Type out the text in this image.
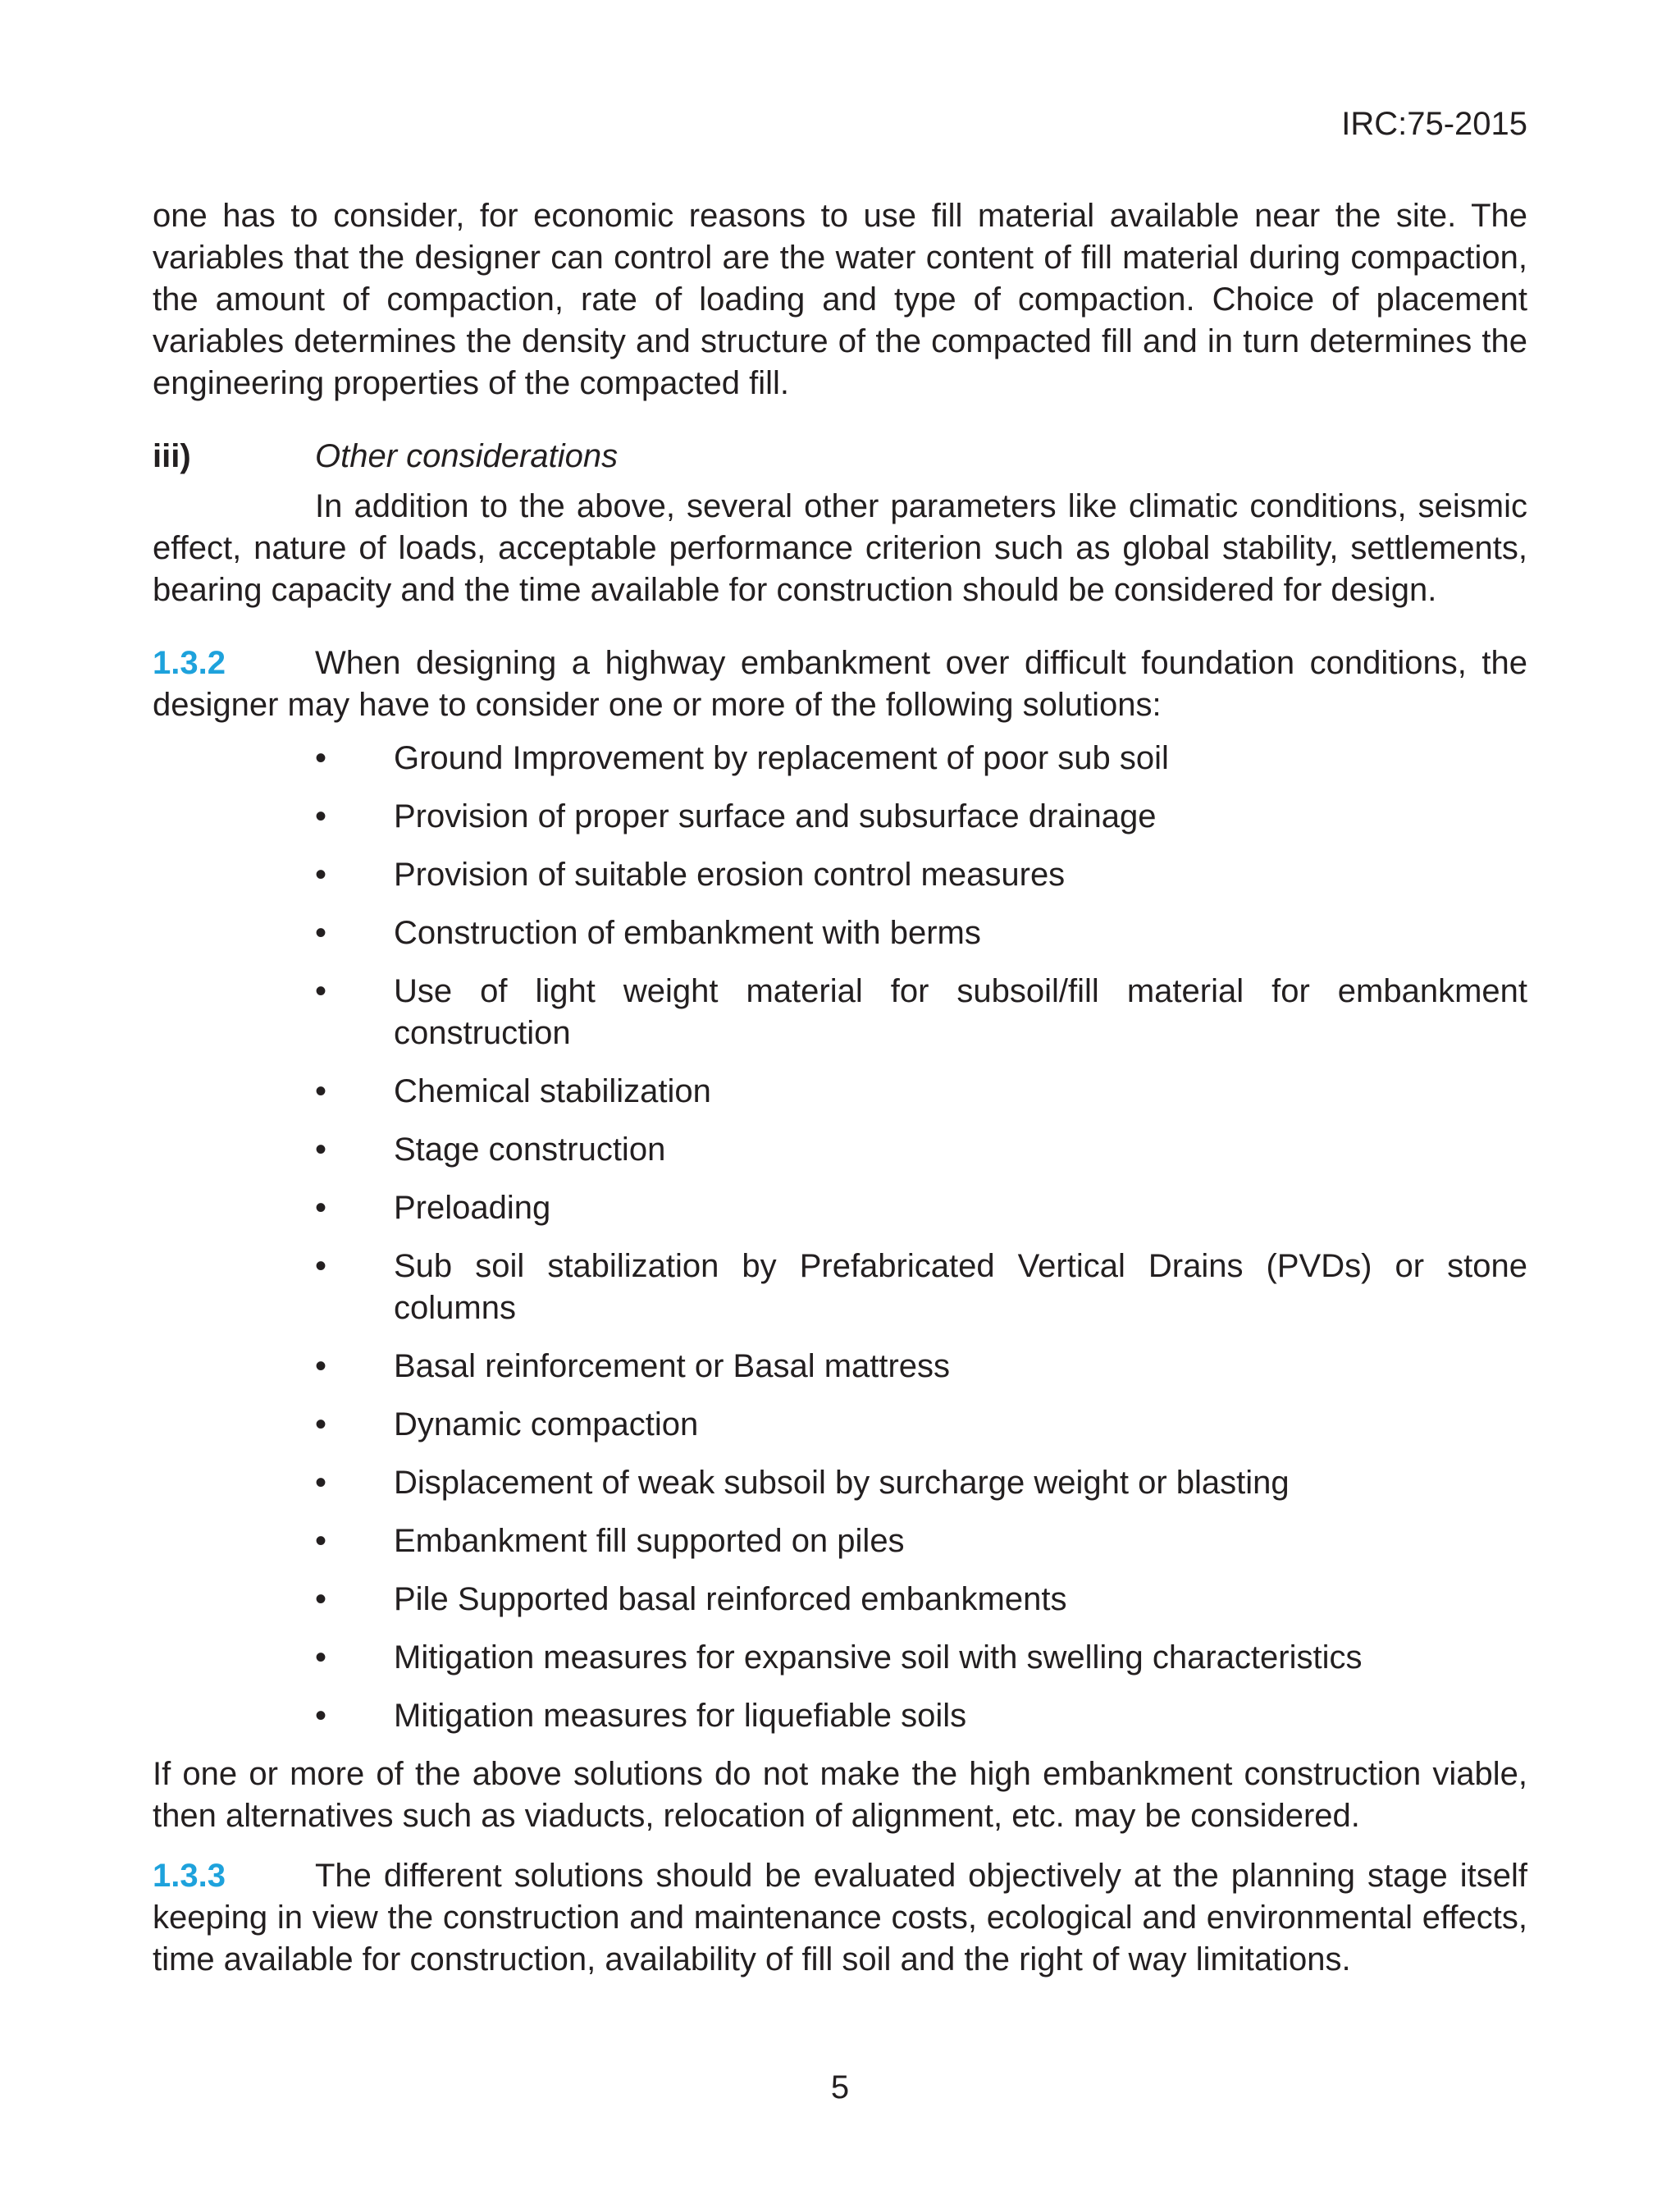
IRC:75-2015

one has to consider, for economic reasons to use fill material available near the site. The variables that the designer can control are the water content of fill material during compaction, the amount of compaction, rate of loading and type of compaction. Choice of placement variables determines the density and structure of the compacted fill and in turn determines the engineering properties of the compacted fill.

iii)	Other considerations

In addition to the above, several other parameters like climatic conditions, seismic effect, nature of loads, acceptable performance criterion such as global stability, settlements, bearing capacity and the time available for construction should be considered for design.

1.3.2	When designing a highway embankment over difficult foundation conditions, the designer may have to consider one or more of the following solutions:

•	Ground Improvement by replacement of poor sub soil
•	Provision of proper surface and subsurface drainage
•	Provision of suitable erosion control measures
•	Construction of embankment with berms
•	Use of light weight material for subsoil/fill material for embankment construction
•	Chemical stabilization
•	Stage construction
•	Preloading
•	Sub soil stabilization by Prefabricated Vertical Drains (PVDs) or stone columns
•	Basal reinforcement or Basal mattress
•	Dynamic compaction
•	Displacement of weak subsoil by surcharge weight or blasting
•	Embankment fill supported on piles
•	Pile Supported basal reinforced embankments
•	Mitigation measures for expansive soil with swelling characteristics
•	Mitigation measures for liquefiable soils

If one or more of the above solutions do not make the high embankment construction viable, then alternatives such as viaducts, relocation of alignment, etc. may be considered.

1.3.3	The different solutions should be evaluated objectively at the planning stage itself keeping in view the construction and maintenance costs, ecological and environmental effects, time available for construction, availability of fill soil and the right of way limitations.

5
